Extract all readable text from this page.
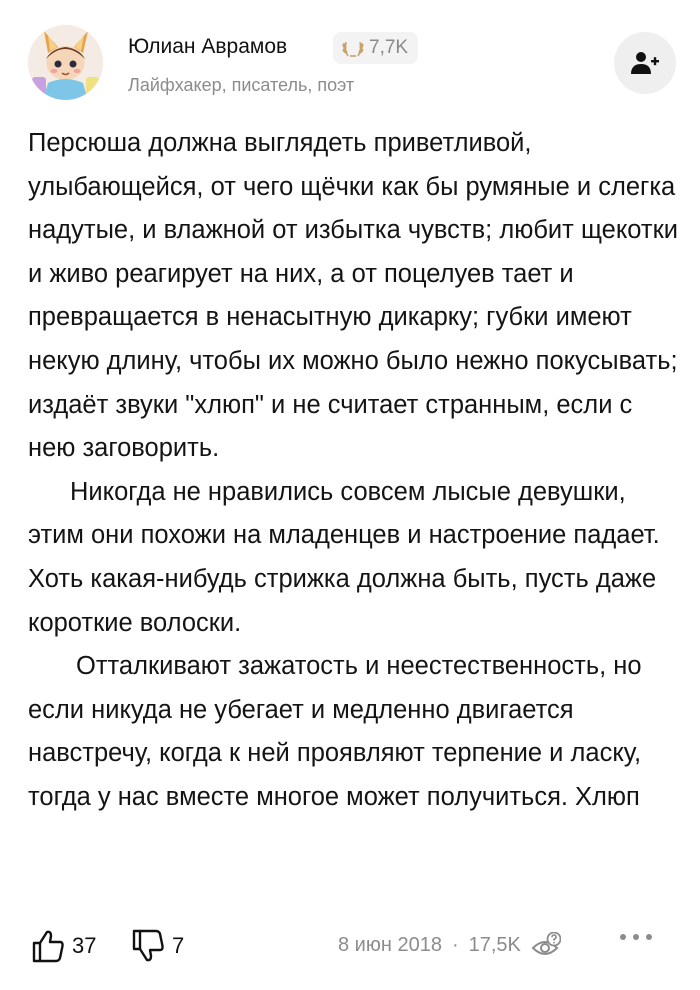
Юлиан Аврамов	7,7K
Лайфхакер, писатель, поэт

Персюша должна выглядеть приветливой, улыбающейся, от чего щёчки как бы румяные и слегка надутые, и влажной от избытка чувств; любит щекотки и живо реагирует на них, а от поцелуев тает и превращается в ненасытную дикарку; губки имеют некую длину, чтобы их можно было нежно покусывать; издаёт звуки "хлюп" и не считает странным, если с нею заговорить.

Никогда не нравились совсем лысые девушки, этим они похожи на младенцев и настроение падает. Хоть какая-нибудь стрижка должна быть, пусть даже короткие волоски.

Отталкивают зажатость и неестественность, но если никуда не убегает и медленно двигается навстречу, когда к ней проявляют терпение и ласку, тогда у нас вместе многое может получиться. Хлюп

37	7	8 июн 2018 · 17,5K
